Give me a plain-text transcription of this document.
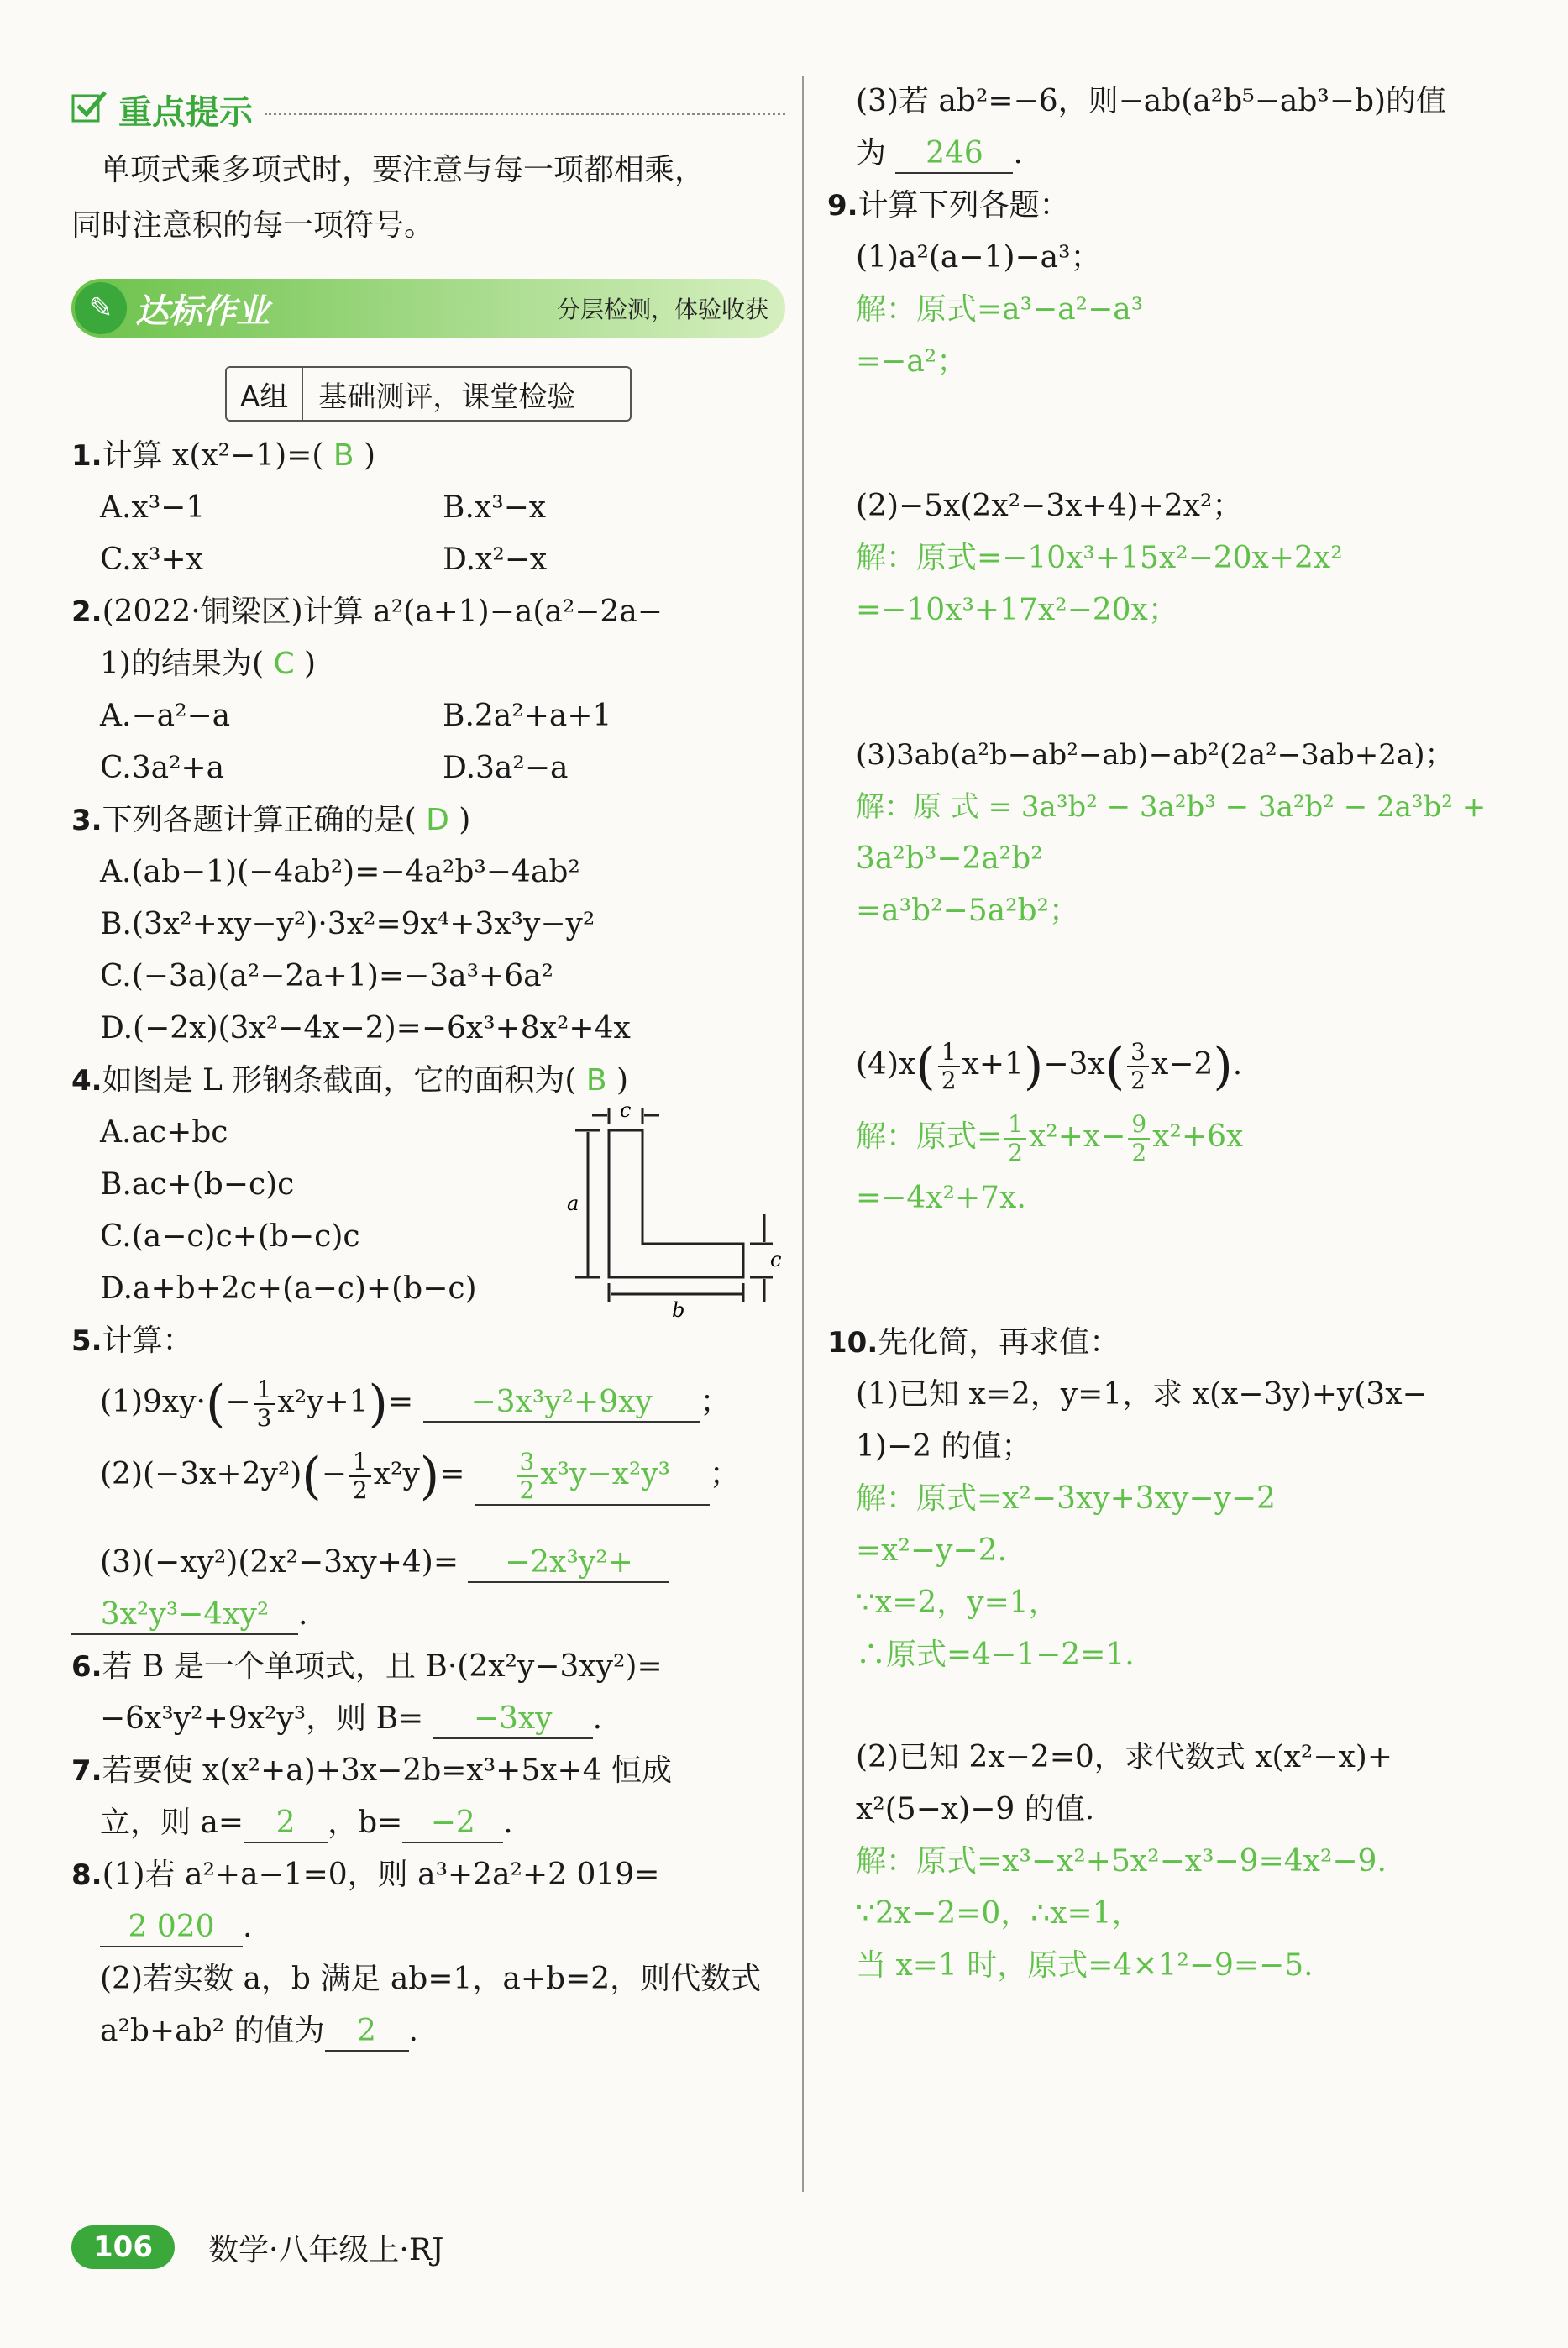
重点提示
单项式乘多项式时，要注意与每一项都相乘，
同时注意积的每一项符号。
✎ 达标作业	分层检测，体验收获
A组	基础测评，课堂检验
1.计算 x(x²−1)=( B )
A.x³−1	B.x³−x
C.x³+x	D.x²−x
2.(2022·铜梁区)计算 a²(a+1)−a(a²−2a−
1)的结果为( C )
A.−a²−a	B.2a²+a+1
C.3a²+a	D.3a²−a
3.下列各题计算正确的是( D )
A.(ab−1)(−4ab²)=−4a²b³−4ab²
B.(3x²+xy−y²)·3x²=9x⁴+3x³y−y²
C.(−3a)(a²−2a+1)=−3a³+6a²
D.(−2x)(3x²−4x−2)=−6x³+8x²+4x
4.如图是 L 形钢条截面，它的面积为( B )
A.ac+bc
B.ac+(b−c)c
C.(a−c)c+(b−c)c
D.a+b+2c+(a−c)+(b−c)
c
a
b
c
5.计算：
$(1)9xy\cdot(- \frac{1}{3} x^2y+1)= -3x^3y^2+9xy$ ；
$(2)(-3x+2y^2)(- \frac{1}{2} x^2y)= \frac{3}{2} x^3y-x^2y^3$ ；
(3)(−xy²)(2x²−3xy+4)= −2x³y²+
3x²y³−4xy² .
6.若 B 是一个单项式，且 B·(2x²y−3xy²)=
−6x³y²+9x²y³，则 B= −3xy .
7.若要使 x(x²+a)+3x−2b=x³+5x+4 恒成
立，则 a= 2 ，b= −2 .
8.(1)若 a²+a−1=0，则 a³+2a²+2 019=
2 020 .
(2)若实数 a，b 满足 ab=1，a+b=2，则代数式
a²b+ab² 的值为 2 .
(3)若 ab²=−6，则−ab(a²b⁵−ab³−b)的值
为 246 .
9.计算下列各题：
(1)a²(a−1)−a³；
解：原式=a³−a²−a³
=−a²；
(2)−5x(2x²−3x+4)+2x²；
解：原式=−10x³+15x²−20x+2x²
=−10x³+17x²−20x；
(3)3ab(a²b−ab²−ab)−ab²(2a²−3ab+2a)；
解：原 式 = 3a³b² − 3a²b³ − 3a²b² − 2a³b² +
3a²b³−2a²b²
=a³b²−5a²b²；
$(4)x( \frac{1}{2} x+1)-3x( \frac{3}{2} x-2)$.
解：原式= $\frac{1}{2} x^2+x- \frac{9}{2} x^2+6x$
=−4x²+7x.
10.先化简，再求值：
(1)已知 x=2，y=1，求 x(x−3y)+y(3x−
1)−2 的值；
解：原式=x²−3xy+3xy−y−2
=x²−y−2.
∵x=2，y=1，
∴原式=4−1−2=1.
(2)已知 2x−2=0，求代数式 x(x²−x)+
x²(5−x)−9 的值.
解：原式=x³−x²+5x²−x³−9=4x²−9.
∵2x−2=0，∴x=1，
当 x=1 时，原式=4×1²−9=−5.
106	数学·八年级上·RJ
